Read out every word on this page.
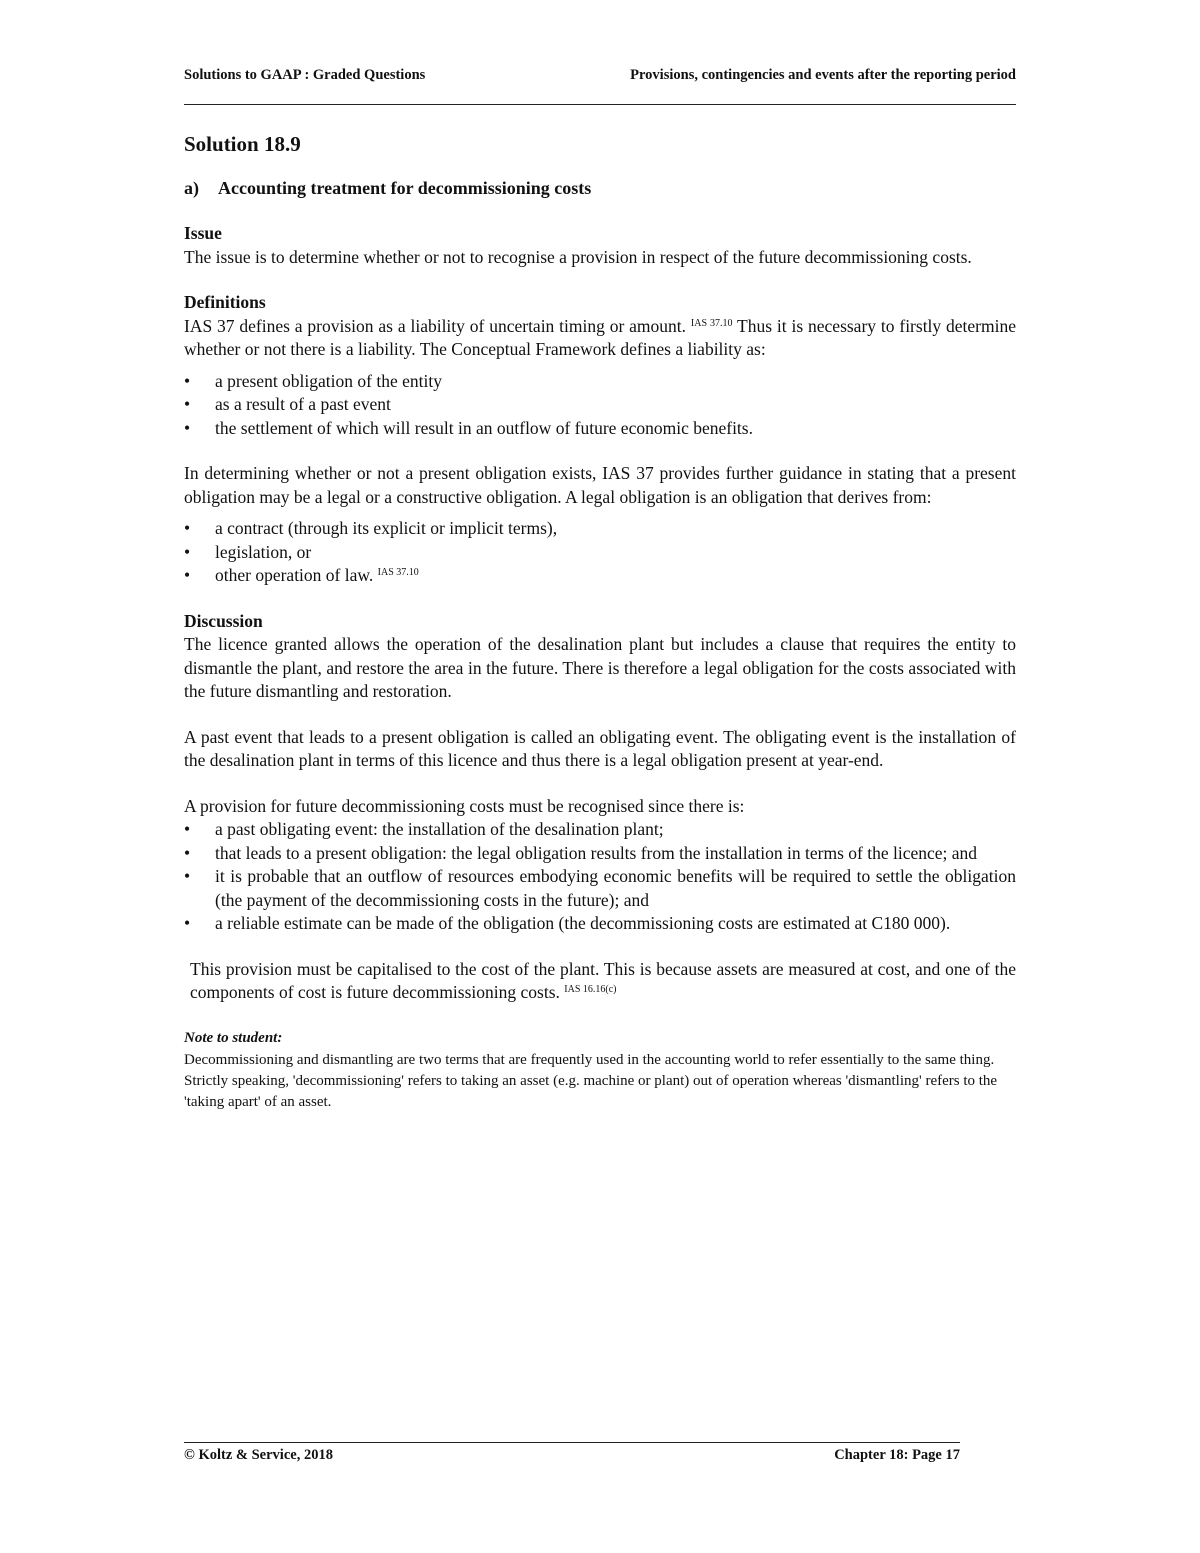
Solutions to GAAP : Graded Questions	Provisions, contingencies and events after the reporting period
Solution 18.9
a)	Accounting treatment for decommissioning costs
Issue

The issue is to determine whether or not to recognise a provision in respect of the future decommissioning costs.

Definitions

IAS 37 defines a provision as a liability of uncertain timing or amount. $^{IAS 37.10}$ Thus it is necessary to firstly determine whether or not there is a liability. The Conceptual Framework defines a liability as:

•	a present obligation of the entity
•	as a result of a past event
•	the settlement of which will result in an outflow of future economic benefits.

In determining whether or not a present obligation exists, IAS 37 provides further guidance in stating that a present obligation may be a legal or a constructive obligation. A legal obligation is an obligation that derives from:

•	a contract (through its explicit or implicit terms),
•	legislation, or
•	other operation of law. $^{IAS 37.10}$
Discussion

The licence granted allows the operation of the desalination plant but includes a clause that requires the entity to dismantle the plant, and restore the area in the future. There is therefore a legal obligation for the costs associated with the future dismantling and restoration.

A past event that leads to a present obligation is called an obligating event. The obligating event is the installation of the desalination plant in terms of this licence and thus there is a legal obligation present at year-end.

A provision for future decommissioning costs must be recognised since there is:

•	a past obligating event: the installation of the desalination plant;
•	that leads to a present obligation: the legal obligation results from the installation in terms of the licence; and
•	it is probable that an outflow of resources embodying economic benefits will be required to settle the obligation (the payment of the decommissioning costs in the future); and
•	a reliable estimate can be made of the obligation (the decommissioning costs are estimated at C180 000).

This provision must be capitalised to the cost of the plant. This is because assets are measured at cost, and one of the components of cost is future decommissioning costs. $^{IAS 16.16(c)}$

Note to student:

Decommissioning and dismantling are two terms that are frequently used in the accounting world to refer essentially to the same thing. Strictly speaking, 'decommissioning' refers to taking an asset (e.g. machine or plant) out of operation whereas 'dismantling' refers to the 'taking apart' of an asset.

© Koltz & Service, 2018	Chapter 18: Page 17
